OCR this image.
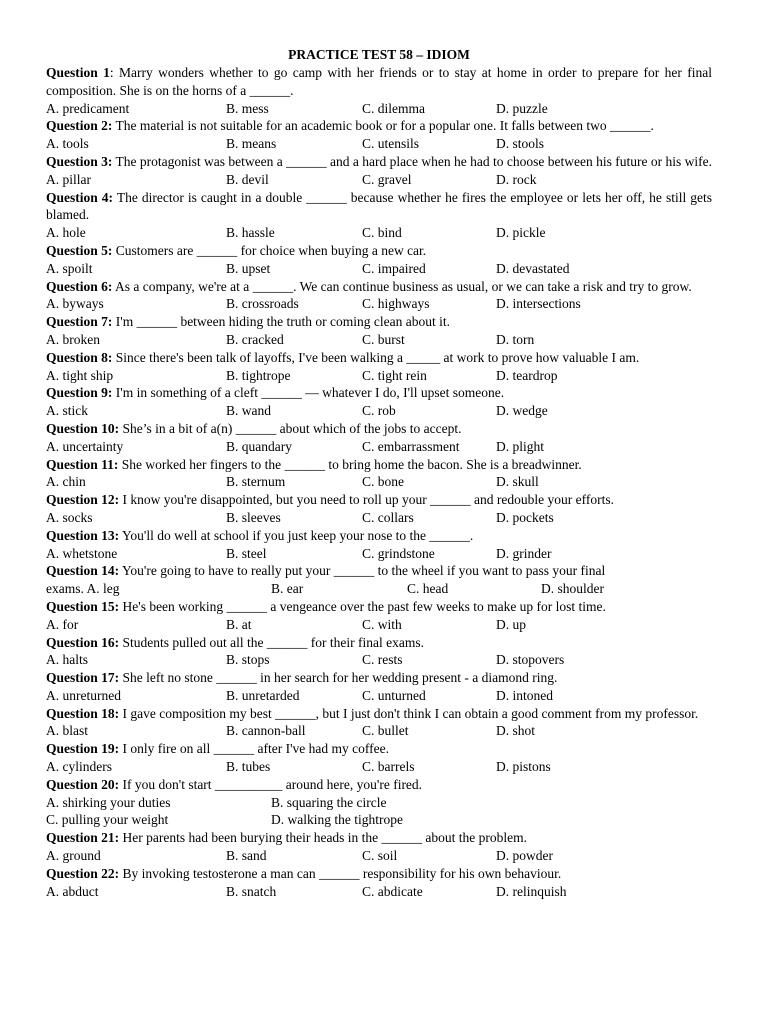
PRACTICE TEST 58 – IDIOM
Question 1: Marry wonders whether to go camp with her friends or to stay at home in order to prepare for her final composition. She is on the horns of a ______.
A. predicament	B. mess	C. dilemma	D. puzzle
Question 2: The material is not suitable for an academic book or for a popular one. It falls between two ______.
A. tools	B. means	C. utensils	D. stools
Question 3: The protagonist was between a ______ and a hard place when he had to choose between his future or his wife.
A. pillar	B. devil	C. gravel	D. rock
Question 4: The director is caught in a double ______ because whether he fires the employee or lets her off, he still gets blamed.
A. hole	B. hassle	C. bind	D. pickle
Question 5: Customers are ______ for choice when buying a new car.
A. spoilt	B. upset	C. impaired	D. devastated
Question 6: As a company, we're at a ______. We can continue business as usual, or we can take a risk and try to grow.
A. byways	B. crossroads	C. highways	D. intersections
Question 7: I'm ______ between hiding the truth or coming clean about it.
A. broken	B. cracked	C. burst	D. torn
Question 8: Since there's been talk of layoffs, I've been walking a _____ at work to prove how valuable I am.
A. tight ship	B. tightrope	C. tight rein	D. teardrop
Question 9: I'm in something of a cleft ______ — whatever I do, I'll upset someone.
A. stick	B. wand	C. rob	D. wedge
Question 10: She’s in a bit of a(n) ______ about which of the jobs to accept.
A. uncertainty	B. quandary	C. embarrassment	D. plight
Question 11: She worked her fingers to the ______ to bring home the bacon. She is a breadwinner.
A. chin	B. sternum	C. bone	D. skull
Question 12: I know you're disappointed, but you need to roll up your ______ and redouble your efforts.
A. socks	B. sleeves	C. collars	D. pockets
Question 13: You'll do well at school if you just keep your nose to the ______.
A. whetstone	B. steel	C. grindstone	D. grinder
Question 14: You're going to have to really put your ______ to the wheel if you want to pass your final
exams. A. leg	B. ear	C. head	D. shoulder
Question 15: He's been working ______ a vengeance over the past few weeks to make up for lost time.
A. for	B. at	C. with	D. up
Question 16: Students pulled out all the ______ for their final exams.
A. halts	B. stops	C. rests	D. stopovers
Question 17: She left no stone ______ in her search for her wedding present - a diamond ring.
A. unreturned	B. unretarded	C. unturned	D. intoned
Question 18: I gave composition my best ______, but I just don't think I can obtain a good comment from my professor.
A. blast	B. cannon-ball	C. bullet	D. shot
Question 19: I only fire on all ______ after I've had my coffee.
A. cylinders	B. tubes	C. barrels	D. pistons
Question 20: If you don't start __________ around here, you're fired.
A. shirking your duties	B. squaring the circle
C. pulling your weight	D. walking the tightrope
Question 21: Her parents had been burying their heads in the ______ about the problem.
A. ground	B. sand	C. soil	D. powder
Question 22: By invoking testosterone a man can ______ responsibility for his own behaviour.
A. abduct	B. snatch	C. abdicate	D. relinquish
